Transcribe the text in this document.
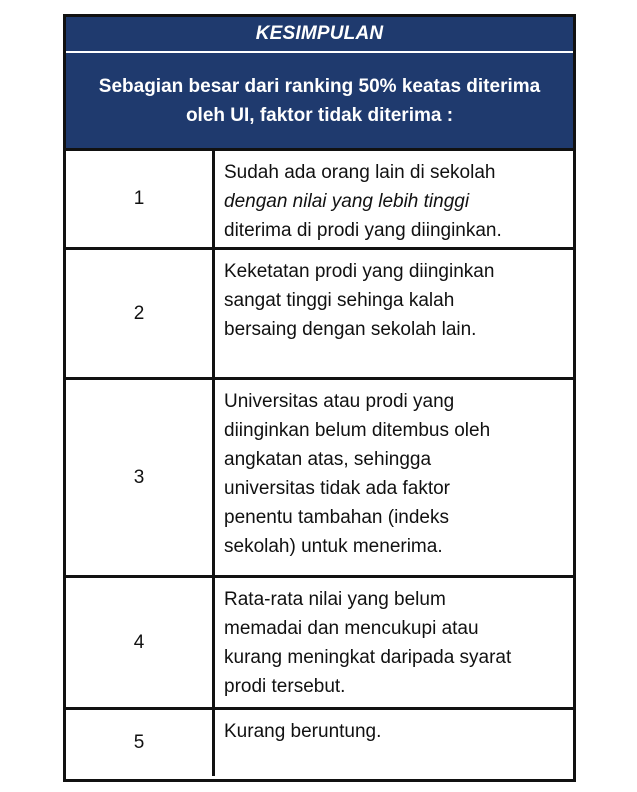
KESIMPULAN
Sebagian besar dari ranking 50% keatas diterima
oleh UI, faktor tidak diterima :
1
Sudah ada orang lain di sekolah
dengan nilai yang lebih tinggi
diterima di prodi yang diinginkan.
2
Keketatan prodi yang diinginkan
sangat tinggi sehinga kalah
bersaing dengan sekolah lain.
3
Universitas atau prodi yang
diinginkan belum ditembus oleh
angkatan atas, sehingga
universitas tidak ada faktor
penentu tambahan (indeks
sekolah) untuk menerima.
4
Rata-rata nilai yang belum
memadai dan mencukupi atau
kurang meningkat daripada syarat
prodi tersebut.
5
Kurang beruntung.
